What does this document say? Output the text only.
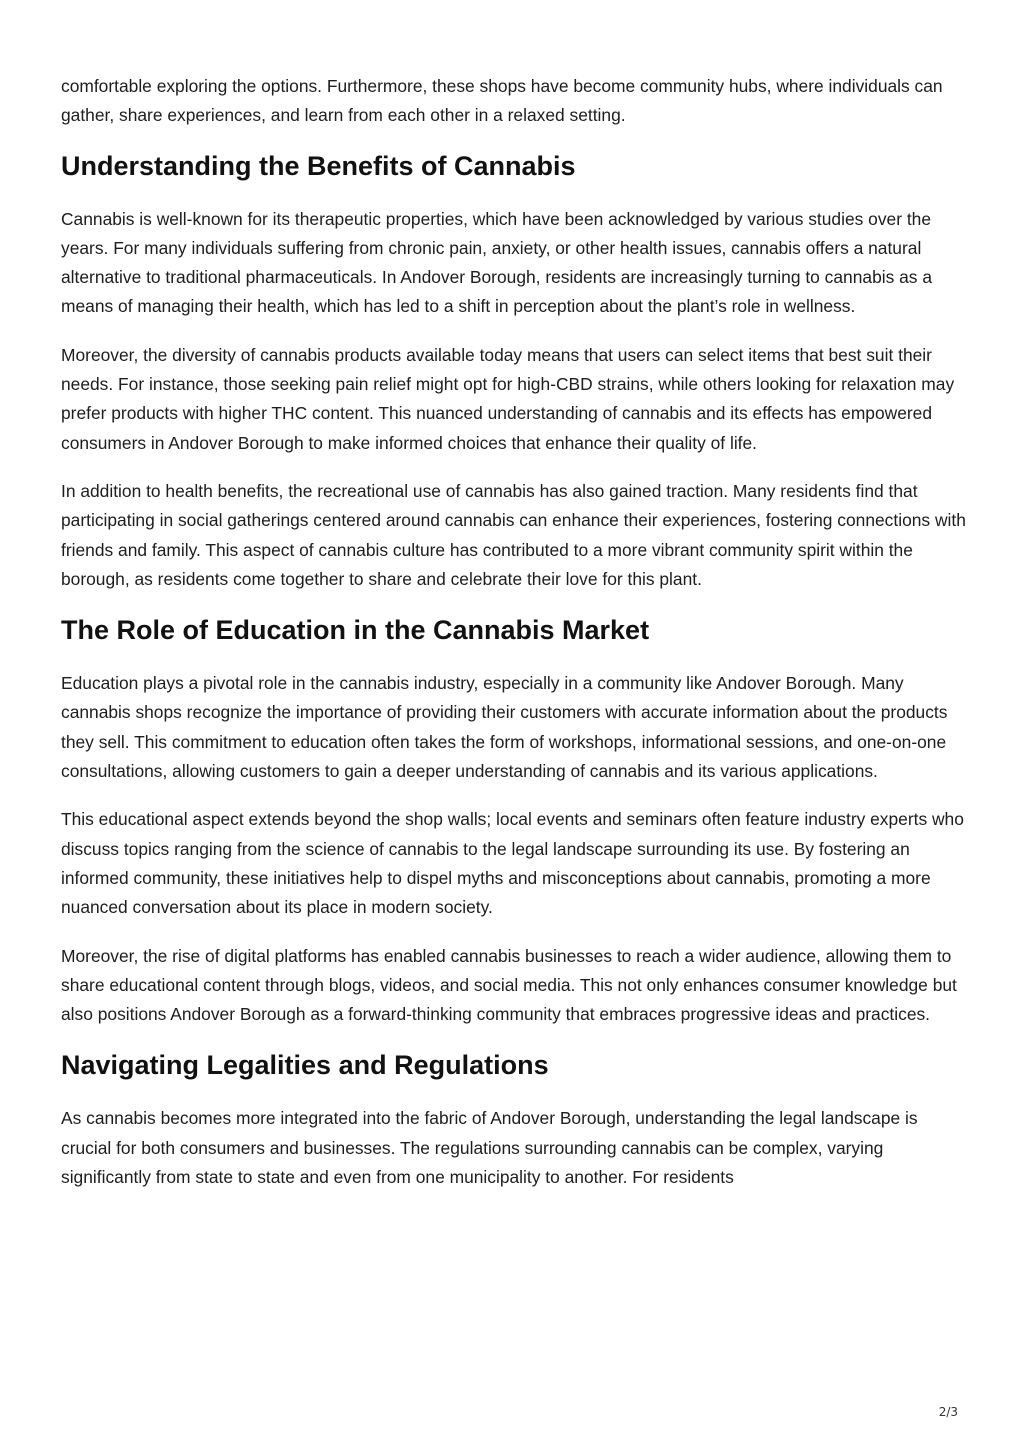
comfortable exploring the options. Furthermore, these shops have become community hubs, where individuals can gather, share experiences, and learn from each other in a relaxed setting.

Understanding the Benefits of Cannabis

Cannabis is well-known for its therapeutic properties, which have been acknowledged by various studies over the years. For many individuals suffering from chronic pain, anxiety, or other health issues, cannabis offers a natural alternative to traditional pharmaceuticals. In Andover Borough, residents are increasingly turning to cannabis as a means of managing their health, which has led to a shift in perception about the plant’s role in wellness.

Moreover, the diversity of cannabis products available today means that users can select items that best suit their needs. For instance, those seeking pain relief might opt for high-CBD strains, while others looking for relaxation may prefer products with higher THC content. This nuanced understanding of cannabis and its effects has empowered consumers in Andover Borough to make informed choices that enhance their quality of life.

In addition to health benefits, the recreational use of cannabis has also gained traction. Many residents find that participating in social gatherings centered around cannabis can enhance their experiences, fostering connections with friends and family. This aspect of cannabis culture has contributed to a more vibrant community spirit within the borough, as residents come together to share and celebrate their love for this plant.

The Role of Education in the Cannabis Market

Education plays a pivotal role in the cannabis industry, especially in a community like Andover Borough. Many cannabis shops recognize the importance of providing their customers with accurate information about the products they sell. This commitment to education often takes the form of workshops, informational sessions, and one-on-one consultations, allowing customers to gain a deeper understanding of cannabis and its various applications.

This educational aspect extends beyond the shop walls; local events and seminars often feature industry experts who discuss topics ranging from the science of cannabis to the legal landscape surrounding its use. By fostering an informed community, these initiatives help to dispel myths and misconceptions about cannabis, promoting a more nuanced conversation about its place in modern society.

Moreover, the rise of digital platforms has enabled cannabis businesses to reach a wider audience, allowing them to share educational content through blogs, videos, and social media. This not only enhances consumer knowledge but also positions Andover Borough as a forward-thinking community that embraces progressive ideas and practices.

Navigating Legalities and Regulations

As cannabis becomes more integrated into the fabric of Andover Borough, understanding the legal landscape is crucial for both consumers and businesses. The regulations surrounding cannabis can be complex, varying significantly from state to state and even from one municipality to another. For residents

2/3
